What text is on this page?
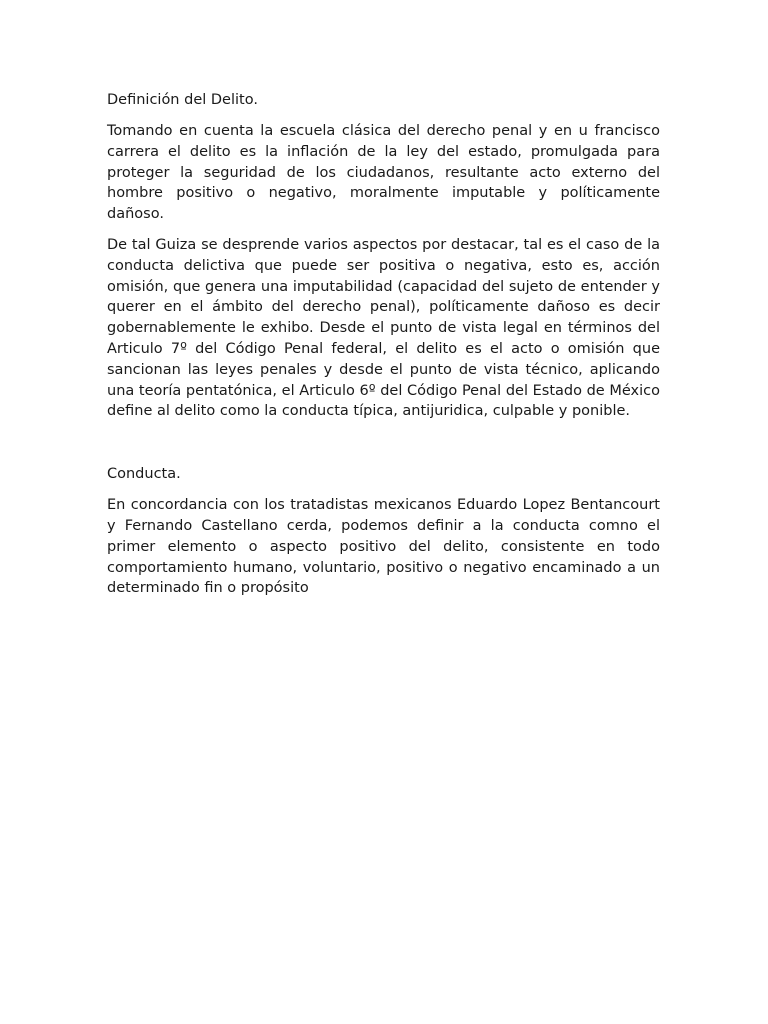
Definición del Delito.

Tomando en cuenta la escuela clásica del derecho penal y en u francisco carrera el delito es la inflación de la ley del estado, promulgada para proteger la seguridad de los ciudadanos, resultante acto externo del hombre positivo o negativo, moralmente imputable y políticamente dañoso.

De tal Guiza se desprende varios aspectos por destacar, tal es el caso de la conducta delictiva que puede ser positiva o negativa, esto es, acción omisión, que genera una imputabilidad (capacidad del sujeto de entender y querer en el ámbito del derecho penal), políticamente dañoso es decir gobernablemente le exhibo. Desde el punto de vista legal en términos del Articulo 7º del Código Penal federal, el delito es el acto o omisión que sancionan las leyes penales y desde el punto de vista técnico, aplicando una teoría pentatónica, el Articulo 6º del Código Penal del Estado de México define al delito como la conducta típica, antijuridica, culpable y ponible.

Conducta.

En concordancia con los tratadistas mexicanos Eduardo Lopez Bentancourt y Fernando Castellano cerda, podemos definir a la conducta comno el primer elemento o aspecto positivo del delito, consistente en todo comportamiento humano, voluntario, positivo o negativo encaminado a un determinado fin o propósito
